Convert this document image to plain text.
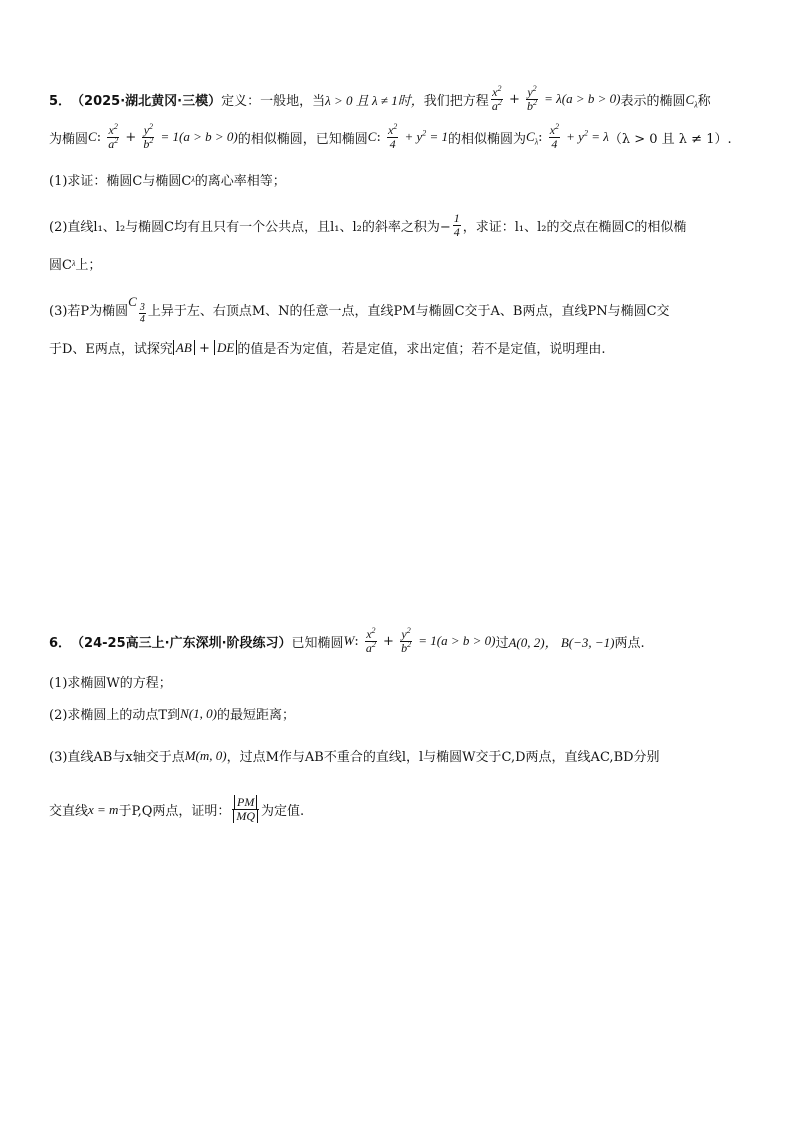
5． （2025·湖北黄冈·三模） 定义：一般地，当 λ > 0 且 λ ≠ 1时， 我们把方程 $\frac{x^2}{a^2} + \frac{y^2}{b^2} = \lambda(a > b > 0)$ 表示的椭圆 $C_\lambda$ 称
为椭圆 C: $\frac{x^2}{a^2} + \frac{y^2}{b^2} = 1(a > b > 0)$ 的相似椭圆，已知椭圆 C: $\frac{x^2}{4} + y^2 = 1$ 的相似椭圆为 $C_\lambda$: $\frac{x^2}{4} + y^2 = \lambda$ （λ > 0 且 λ ≠ 1）.
(1)求证：椭圆C与椭圆C λ 的离心率相等；
(2)直线l₁、l₂与椭圆C均有且只有一个公共点，且l₁、l₂的斜率之积为− $\frac{1}{4}$ ，求证：l₁、l₂的交点在椭圆C的相似椭
圆C λ 上；
(3)若P为椭圆
C
$\frac{3}{4}$ 上异于左、右顶点M、N的任意一点，直线PM与椭圆C交于A、B两点，直线PN与椭圆C交
于D、E两点，试探究 AB + DE 的值是否为定值，若是定值，求出定值；若不是定值，说明理由.
6． （24-25高三上·广东深圳·阶段练习） 已知椭圆 W: $\frac{x^2}{a^2} + \frac{y^2}{b^2} = 1(a > b > 0)$ 过 A(0, 2)， B(−3, −1) 两点.
(1)求椭圆W的方程；
(2)求椭圆上的动点T到 N(1, 0) 的最短距离；
(3)直线AB与x轴交于点 M(m, 0) ，过点M作与AB不重合的直线l，l与椭圆W交于C,D两点，直线AC,BD分别
交直线 x = m 于P,Q两点，证明： $\frac{PM}{MQ}$ 为定值.
